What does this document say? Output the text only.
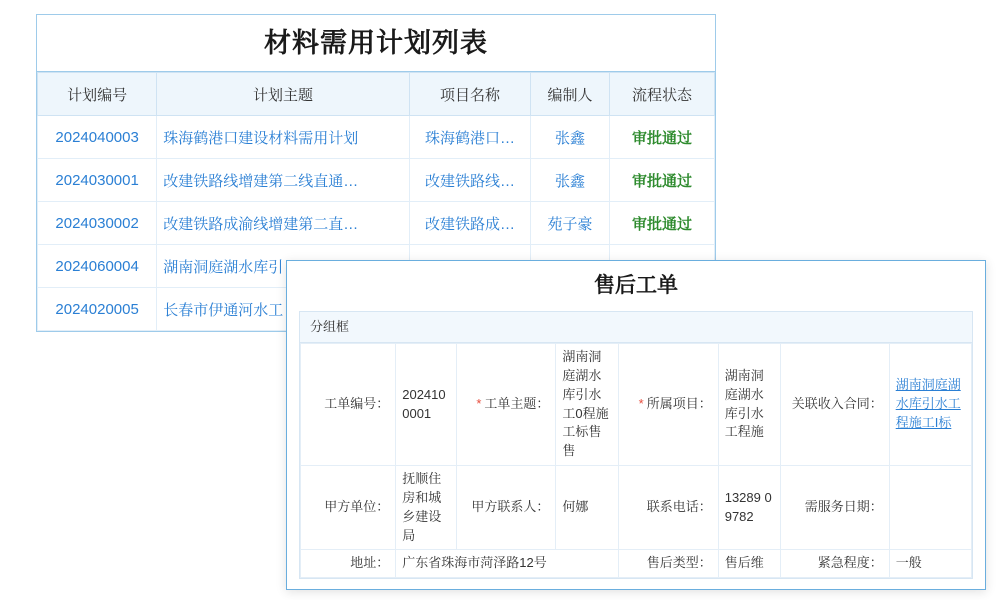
材料需用计划列表
计划编号	计划主题	项目名称	编制人	流程状态
2024040003	珠海鹤港口建设材料需用计划	珠海鹤港口…	张鑫	审批通过
2024030001	改建铁路线增建第二线直通…	改建铁路线…	张鑫	审批通过
2024030002	改建铁路成渝线增建第二直…	改建铁路成…	苑子豪	审批通过
2024060004	湖南洞庭湖水库引			
2024020005	长春市伊通河水工			
售后工单
分组框
工单编号：	202410 0001	* 工单主题：	湖南洞庭湖水库引水工0程施工标售售	* 所属项目：	湖南洞庭湖水库引水工程施	关联收入合同：	湖南洞庭湖水库引水工程施工I标
甲方单位：	抚顺住房和城乡建设局	甲方联系人：	何娜	联系电话：	13289 09782	需服务日期：	
地址：	广东省珠海市菏泽路12号			售后类型：	售后维	紧急程度：	一般
